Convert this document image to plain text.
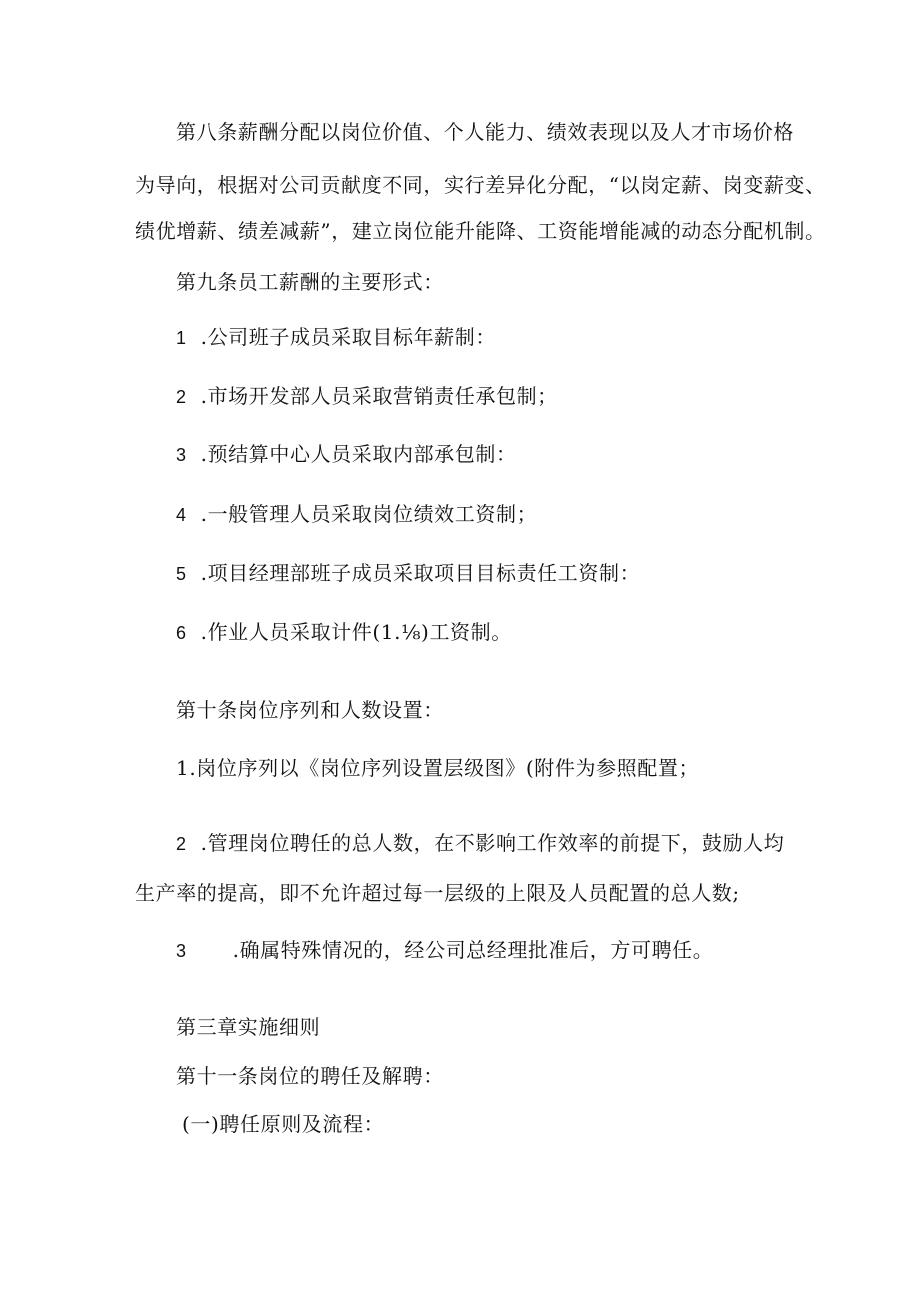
第八条薪酬分配以岗位价值、个人能力、绩效表现以及人才市场价格
为导向，根据对公司贡献度不同，实行差异化分配，“以岗定薪、岗变薪变、
绩优增薪、绩差减薪”，建立岗位能升能降、工资能增能减的动态分配机制。
第九条员工薪酬的主要形式：
1 .公司班子成员采取目标年薪制：
2 .市场开发部人员采取营销责任承包制；
3 .预结算中心人员采取内部承包制：
4 .一般管理人员采取岗位绩效工资制；
5 .项目经理部班子成员采取项目目标责任工资制：
6 .作业人员采取计件(1.⅛)工资制。
第十条岗位序列和人数设置：
1.岗位序列以《岗位序列设置层级图》(附件为参照配置；
2 .管理岗位聘任的总人数，在不影响工作效率的前提下，鼓励人均
生产率的提高，即不允许超过每一层级的上限及人员配置的总人数;
3 .确属特殊情况的，经公司总经理批准后，方可聘任。
第三章实施细则
第十一条岗位的聘任及解聘：
(一)聘任原则及流程：
